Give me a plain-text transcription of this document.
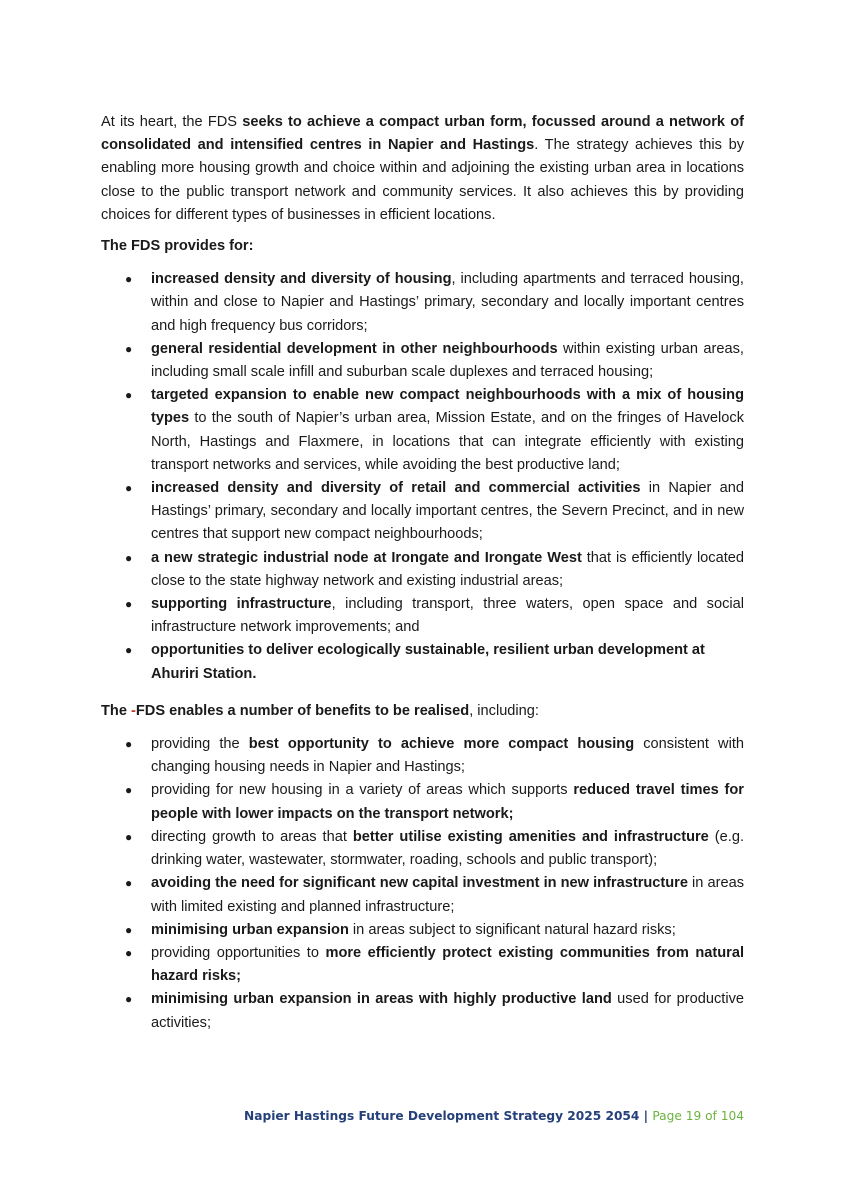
At its heart, the FDS seeks to achieve a compact urban form, focussed around a network of consolidated and intensified centres in Napier and Hastings. The strategy achieves this by enabling more housing growth and choice within and adjoining the existing urban area in locations close to the public transport network and community services. It also achieves this by providing choices for different types of businesses in efficient locations.

The FDS provides for:

● increased density and diversity of housing, including apartments and terraced housing, within and close to Napier and Hastings’ primary, secondary and locally important centres and high frequency bus corridors;
● general residential development in other neighbourhoods within existing urban areas, including small scale infill and suburban scale duplexes and terraced housing;
● targeted expansion to enable new compact neighbourhoods with a mix of housing types to the south of Napier’s urban area, Mission Estate, and on the fringes of Havelock North, Hastings and Flaxmere, in locations that can integrate efficiently with existing transport networks and services, while avoiding the best productive land;
● increased density and diversity of retail and commercial activities in Napier and Hastings’ primary, secondary and locally important centres, the Severn Precinct, and in new centres that support new compact neighbourhoods;
● a new strategic industrial node at Irongate and Irongate West that is efficiently located close to the state highway network and existing industrial areas;
● supporting infrastructure, including transport, three waters, open space and social infrastructure network improvements; and
● opportunities to deliver ecologically sustainable, resilient urban development at Ahuriri Station.

The -FDS enables a number of benefits to be realised, including:

● providing the best opportunity to achieve more compact housing consistent with changing housing needs in Napier and Hastings;
● providing for new housing in a variety of areas which supports reduced travel times for people with lower impacts on the transport network;
● directing growth to areas that better utilise existing amenities and infrastructure (e.g. drinking water, wastewater, stormwater, roading, schools and public transport);
● avoiding the need for significant new capital investment in new infrastructure in areas with limited existing and planned infrastructure;
● minimising urban expansion in areas subject to significant natural hazard risks;
● providing opportunities to more efficiently protect existing communities from natural hazard risks;
● minimising urban expansion in areas with highly productive land used for productive activities;
Napier Hastings Future Development Strategy 2025 2054 | Page 19 of 104
